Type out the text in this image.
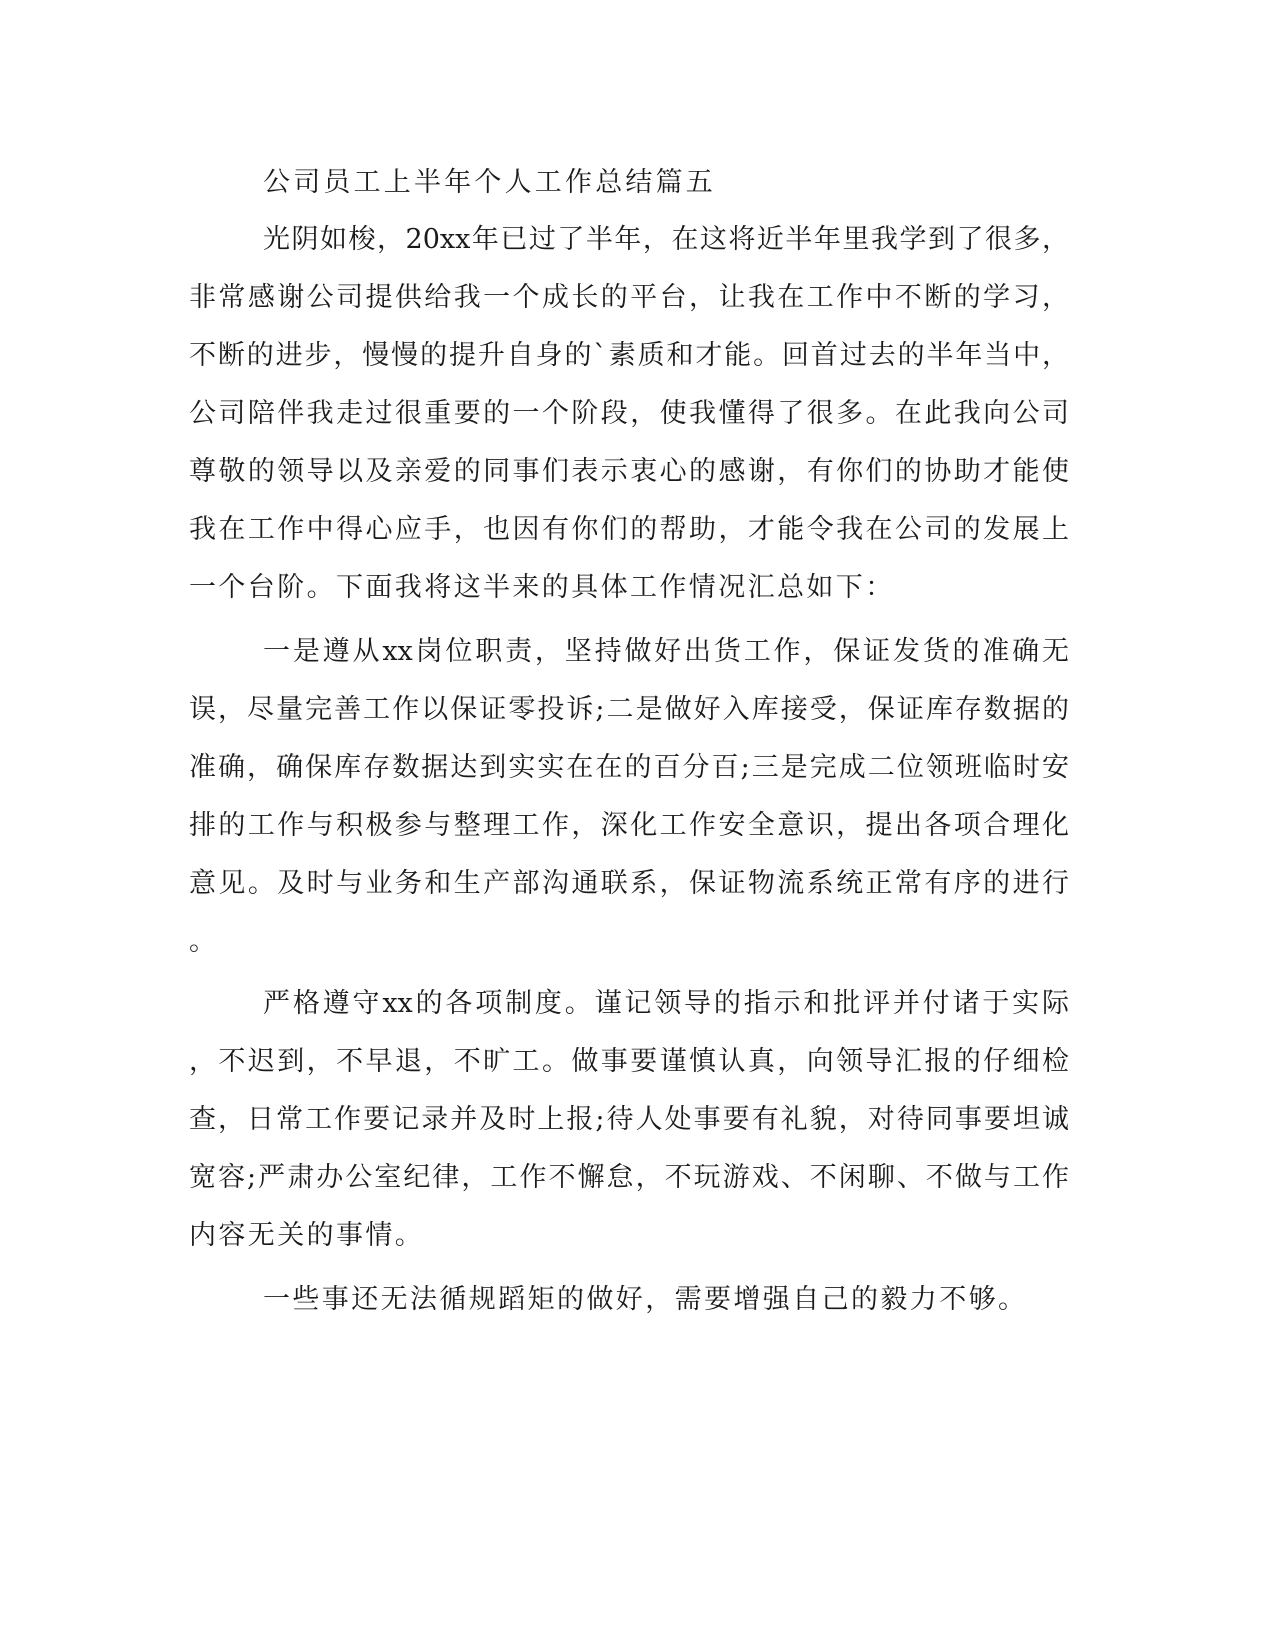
公司员工上半年个人工作总结篇五
光阴如梭，20xx年已过了半年，在这将近半年里我学到了很多，
非常感谢公司提供给我一个成长的平台，让我在工作中不断的学习，
不断的进步，慢慢的提升自身的`素质和才能。回首过去的半年当中，
公司陪伴我走过很重要的一个阶段，使我懂得了很多。在此我向公司
尊敬的领导以及亲爱的同事们表示衷心的感谢，有你们的协助才能使
我在工作中得心应手，也因有你们的帮助，才能令我在公司的发展上
一个台阶。下面我将这半来的具体工作情况汇总如下：
一是遵从xx岗位职责，坚持做好出货工作，保证发货的准确无
误，尽量完善工作以保证零投诉;二是做好入库接受，保证库存数据的
准确，确保库存数据达到实实在在的百分百;三是完成二位领班临时安
排的工作与积极参与整理工作，深化工作安全意识，提出各项合理化
意见。及时与业务和生产部沟通联系，保证物流系统正常有序的进行
。
严格遵守xx的各项制度。谨记领导的指示和批评并付诸于实际
，不迟到，不早退，不旷工。做事要谨慎认真，向领导汇报的仔细检
查，日常工作要记录并及时上报;待人处事要有礼貌，对待同事要坦诚
宽容;严肃办公室纪律，工作不懈怠，不玩游戏、不闲聊、不做与工作
内容无关的事情。
一些事还无法循规蹈矩的做好，需要增强自己的毅力不够。
